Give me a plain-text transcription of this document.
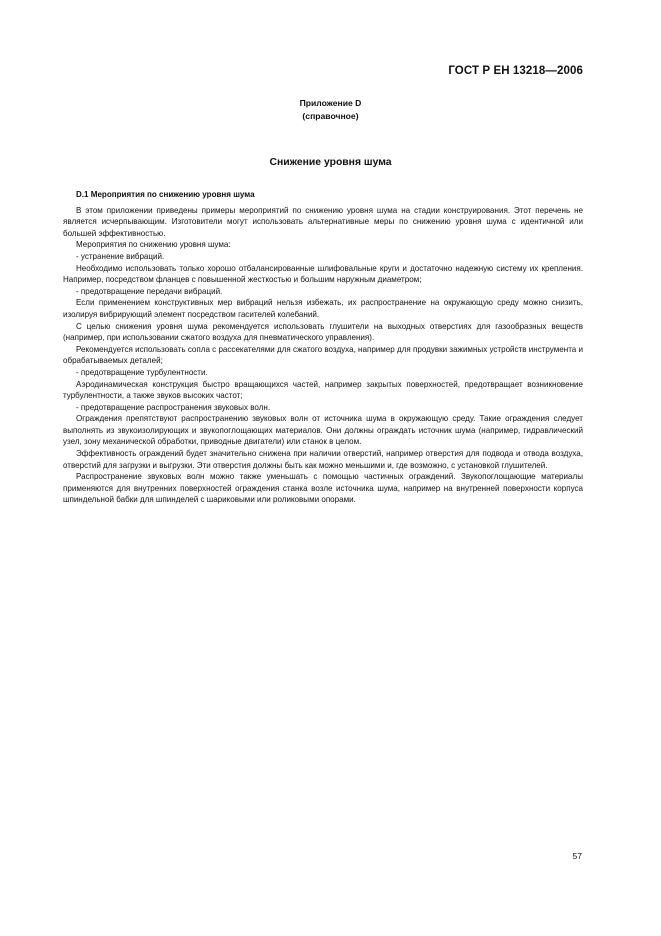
ГОСТ Р ЕН 13218—2006
Приложение D
(справочное)
Снижение уровня шума
D.1 Мероприятия по снижению уровня шума

В этом приложении приведены примеры мероприятий по снижению уровня шума на стадии конструирования. Этот перечень не является исчерпывающим. Изготовители могут использовать альтернативные меры по снижению уровня шума с идентичной или большей эффективностью.

Мероприятия по снижению уровня шума:

- устранение вибраций.

Необходимо использовать только хорошо отбалансированные шлифовальные круги и достаточно надежную систему их крепления. Например, посредством фланцев с повышенной жесткостью и большим наружным диаметром;

- предотвращение передачи вибраций.

Если применением конструктивных мер вибраций нельзя избежать, их распространение на окружающую среду можно снизить, изолируя вибрирующий элемент посредством гасителей колебаний.

С целью снижения уровня шума рекомендуется использовать глушители на выходных отверстиях для газообразных веществ (например, при использовании сжатого воздуха для пневматического управления).

Рекомендуется использовать сопла с рассекателями для сжатого воздуха, например для продувки зажимных устройств инструмента и обрабатываемых деталей;

- предотвращение турбулентности.

Аэродинамическая конструкция быстро вращающихся частей, например закрытых поверхностей, предотвращает возникновение турбулентности, а также звуков высоких частот;

- предотвращение распространения звуковых волн.

Ограждения препятствуют распространению звуковых волн от источника шума в окружающую среду. Такие ограждения следует выполнять из звукоизолирующих и звукопоглощающих материалов. Они должны ограждать источник шума (например, гидравлический узел, зону механической обработки, приводные двигатели) или станок в целом.

Эффективность ограждений будет значительно снижена при наличии отверстий, например отверстия для подвода и отвода воздуха, отверстий для загрузки и выгрузки. Эти отверстия должны быть как можно меньшими и, где возможно, с установкой глушителей.

Распространение звуковых волн можно также уменьшать с помощью частичных ограждений. Звукопоглощающие материалы применяются для внутренних поверхностей ограждения станка возле источника шума, например на внутренней поверхности корпуса шпиндельной бабки для шпинделей с шариковыми или роликовыми опорами.

57
